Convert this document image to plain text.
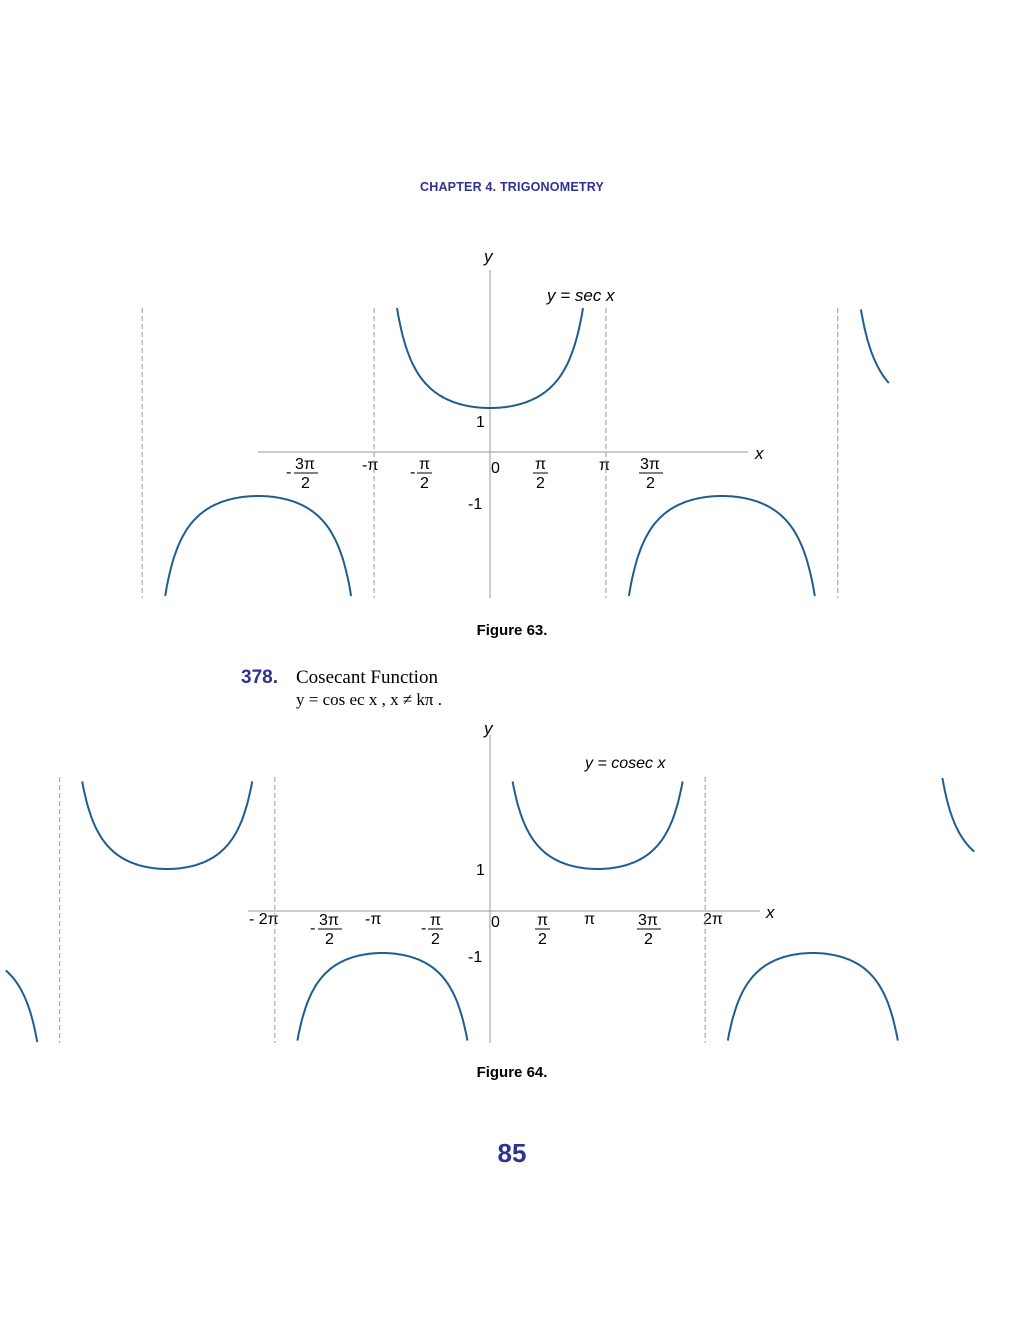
CHAPTER 4. TRIGONOMETRY
y
x
y = sec x
1
-1
0
-π	π
- 3π
2
- π
2
π
2
3π
2
Figure 63.
378. Cosecant Function
y = cos ec x , x ≠ kπ .
y
x
y = cosec x
1
-1
0
- 2π	-π	π	2π
- 3π
2
- π
2
π
2
3π
2
Figure 64.
85
